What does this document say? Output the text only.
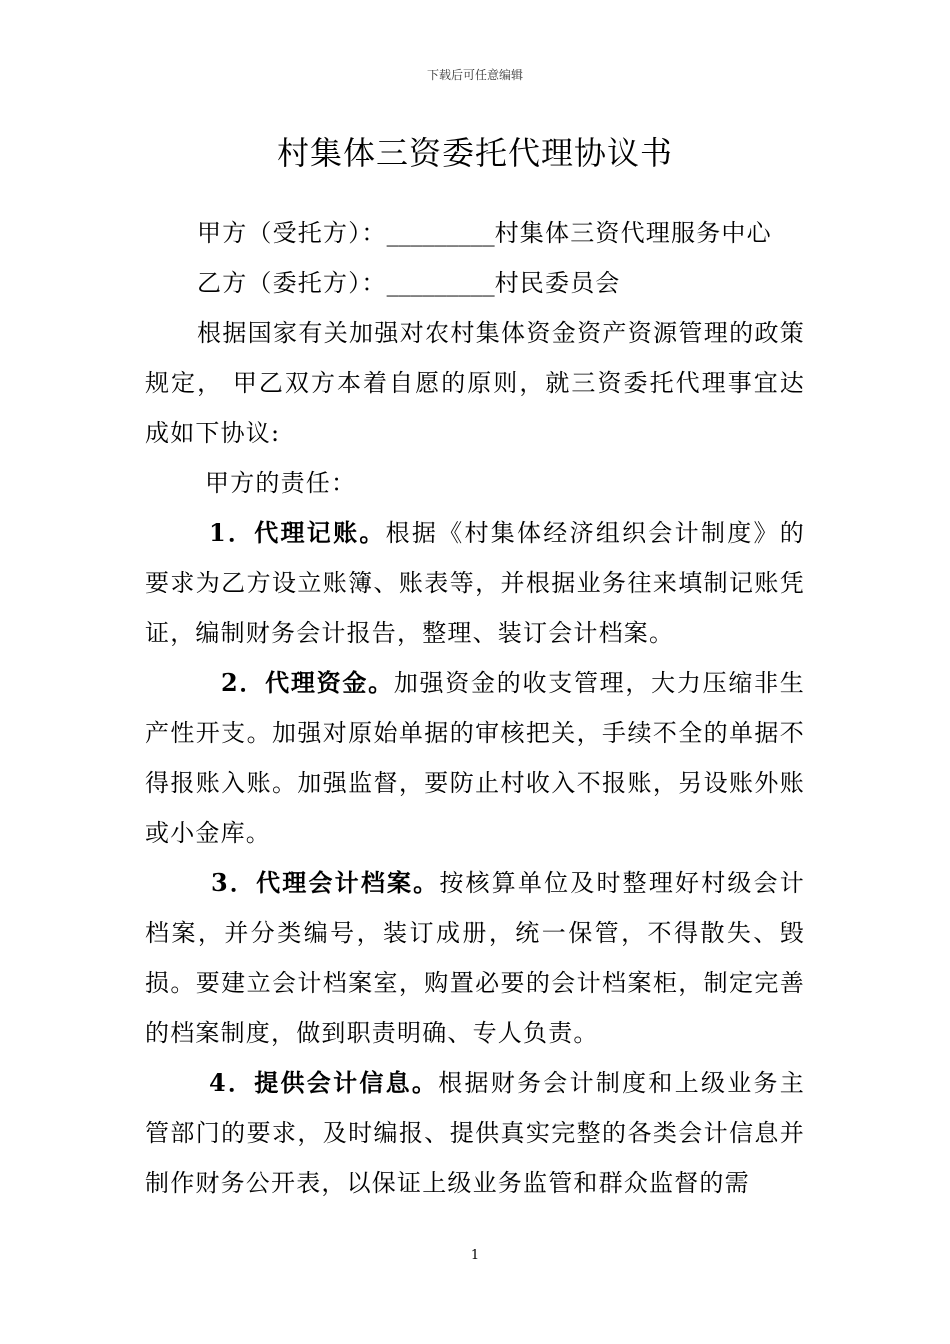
下载后可任意编辑
村集体三资委托代理协议书

甲方（受托方）：_________村集体三资代理服务中心

乙方（委托方）：_________村民委员会

根据国家有关加强对农村集体资金资产资源管理的政策规定， 甲乙双方本着自愿的原则，就三资委托代理事宜达成如下协议:

甲方的责任：

1．代理记账。根据《村集体经济组织会计制度》的要求为乙方设立账簿、账表等，并根据业务往来填制记账凭证，编制财务会计报告，整理、装订会计档案。

2．代理资金。加强资金的收支管理，大力压缩非生产性开支。加强对原始单据的审核把关，手续不全的单据不得报账入账。加强监督，要防止村收入不报账，另设账外账或小金库。

3．代理会计档案。按核算单位及时整理好村级会计档案，并分类编号，装订成册，统一保管，不得散失、毁损。要建立会计档案室，购置必要的会计档案柜，制定完善的档案制度，做到职责明确、专人负责。

4．提供会计信息。根据财务会计制度和上级业务主管部门的要求，及时编报、提供真实完整的各类会计信息并制作财务公开表，以保证上级业务监管和群众监督的需

1
